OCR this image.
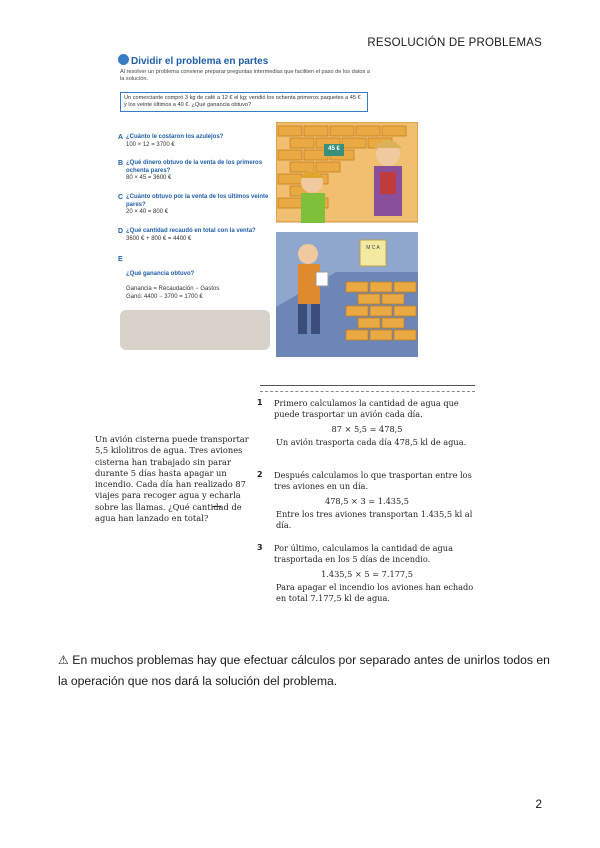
RESOLUCIÓN DE PROBLEMAS
Dividir el problema en partes
Al resolver un problema conviene preparar preguntas intermedias que faciliten el paso de los datos a la solución.
Un comerciante compró 3 kg de café a 12 € el kg; vendió los ochenta primeros paquetes a 45 € y los veinte últimos a 40 €. ¿Qué ganancia obtuvo?
A ¿Cuánto le costaron los azulejos?
100 × 12 = 3700 €
B ¿Qué dinero obtuvo de la venta de los primeros ochenta pares?
80 × 45 = 3600 €
C ¿Cuánto obtuvo por la venta de los últimos veinte pares?
20 × 40 = 800 €
D ¿Qué cantidad recaudó en total con la venta?
3600 € + 800 € = 4400 €

E

¿Qué ganancia obtuvo?

Ganancia = Recaudación − Gastos
Ganó: 4400 − 3700 = 1700 €

45 €
M C A
Un avión cisterna puede transportar 5,5 kilolitros de agua. Tres aviones cisterna han trabajado sin parar durante 5 días hasta apagar un incendio. Cada día han realizado 87 viajes para recoger agua y echarla sobre las llamas. ¿Qué cantidad de agua han lanzado en total?
1 Primero calculamos la cantidad de agua que puede trasportar un avión cada día.
87 × 5,5 = 478,5
Un avión trasporta cada día 478,5 kl de agua.
2 Después calculamos lo que trasportan entre los tres aviones en un día.
478,5 × 3 = 1.435,5
Entre los tres aviones transportan 1.435,5 kl al día.
3 Por último, calculamos la cantidad de agua trasportada en los 5 días de incendio.
1.435,5 × 5 = 7.177,5
Para apagar el incendio los aviones han echado en total 7.177,5 kl de agua.
⚠ En muchos problemas hay que efectuar cálculos por separado antes de unirlos todos en la operación que nos dará la solución del problema.
2
